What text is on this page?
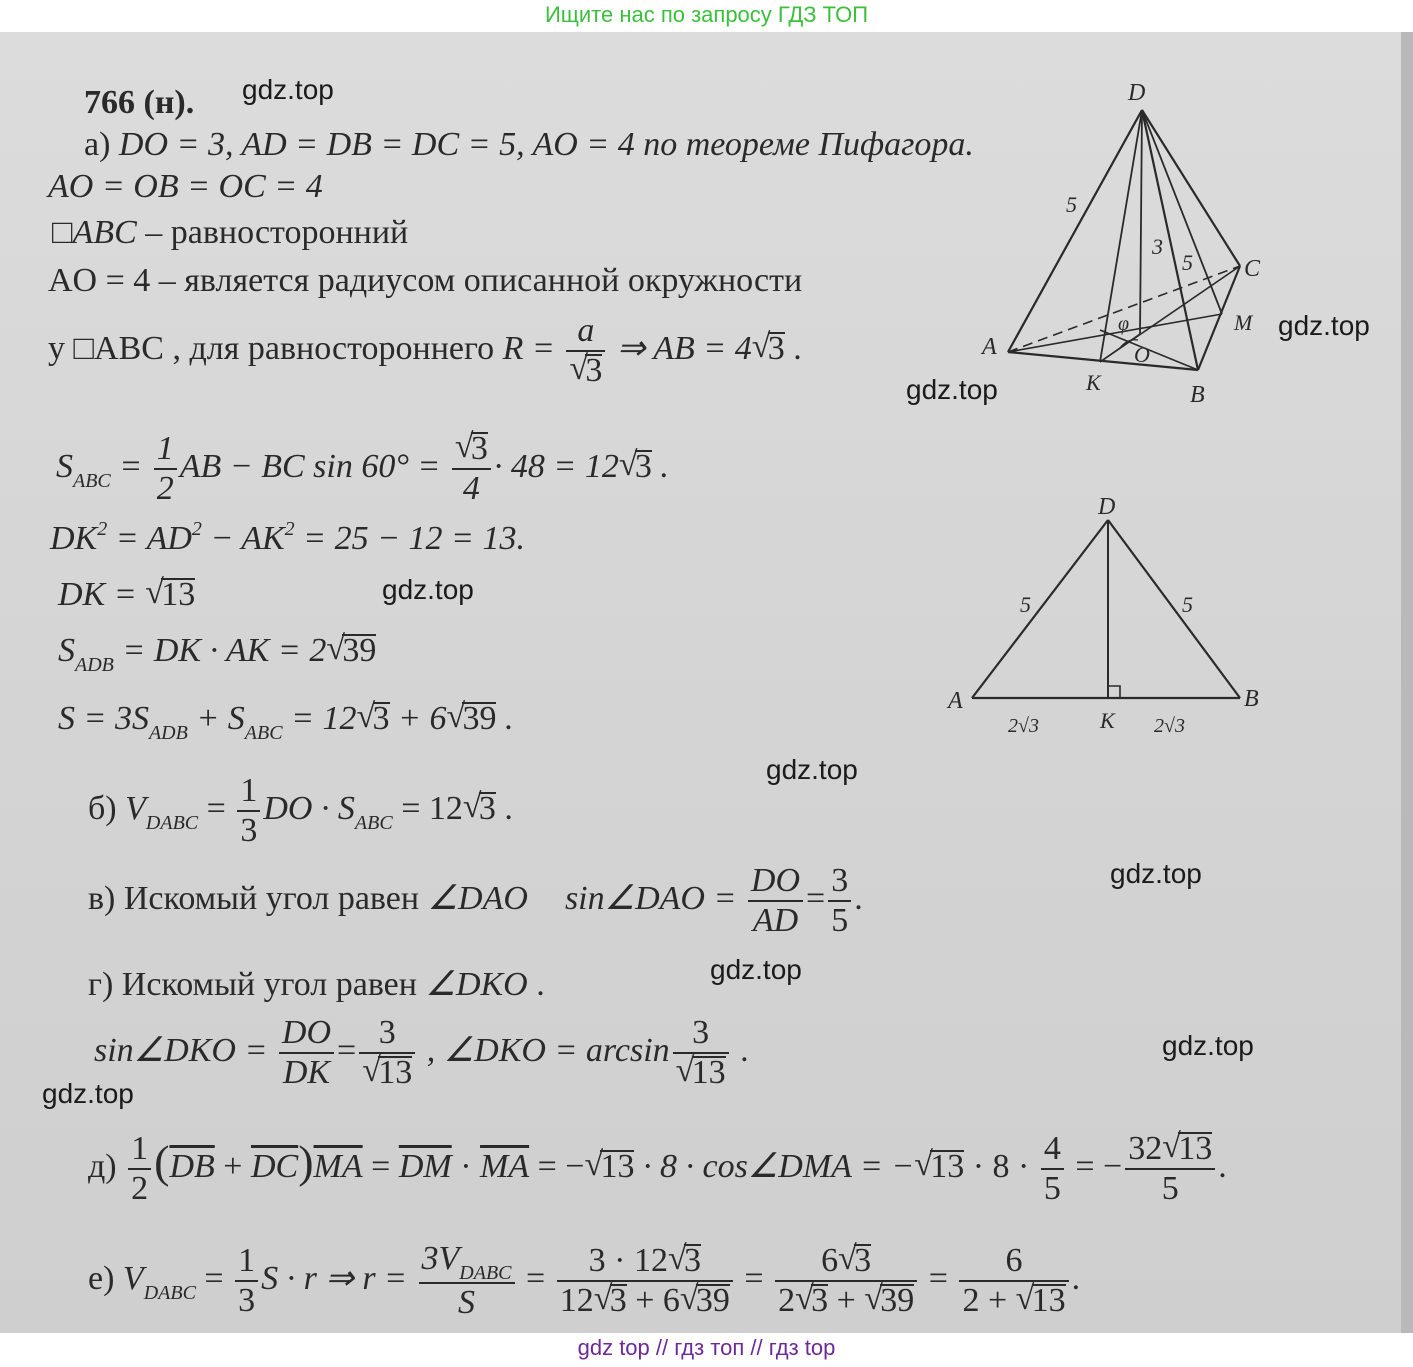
Ищите нас по запросу ГДЗ ТОП
766 (н).
а) DO = 3, AD = DB = DC = 5, AO = 4 по теореме Пифагора.
AO = OB = OC = 4
□ABC – равносторонний
AO = 4 – является радиусом описанной окружности
у □ABC , для равностороннего R = a
√ 3 ⇒ AB = 4 √ 3 .
$S_{ABC} = \frac{1}{2}$ AB − BC sin 60° = √ $\frac{3}{4} \cdot 48 = 12$ √ 3 .
$DK^2 = AD^2 - AK^2 = 25 - 12 = 13$.
DK = √ 13
$S_{ADB}$ = DK · AK = 2 √ 39
$S = 3S_{ADB} + S_{ABC} = 12$ √ 3 + 6 √ 39 .
б) $V_{DABC} = \frac{1}{3}$ DO · $S_{ABC} = 12$ √ 3 .
в) Искомый угол равен ∠DAO sin∠DAO = $\frac{DO}{AD} = \frac{3}{5}$ .
г) Искомый угол равен ∠DKO .
sin∠DKO = $\frac{DO}{DK} = 3$
√ 13 , ∠DKO = arcsin 3
√ 13 .
$д) \frac{1}{2} (\overline{DB} + \overline{DC})\overline{MA} = \overline{DM} \cdot \overline{MA}$ = − √ 13 · 8 · cos∠DMA = − √ $13 \cdot 8 \cdot \frac{4}{5}$ = − $\frac{32 √ 13}{5}$ .
е) $V_{DABC} = \frac{1}{3}$ S · r ⇒ $r = \frac{3V_{DABC}}{S} = \frac{3 \cdot 12 √ 3}{12 √ 3 + 6 √ 39} = \frac{6 √ 3}{2 √ 3 + √ 39} = \frac{6}{2 + √ 13}$ .
D
A
B
C
K
O
M
φ
5
3
5
D
A	B
K
5	5
2√3	2√3
gdz.top
gdz.top
gdz.top
gdz.top
gdz.top
gdz.top
gdz.top
gdz.top
gdz.top
gdz top // гдз топ // гдз top
